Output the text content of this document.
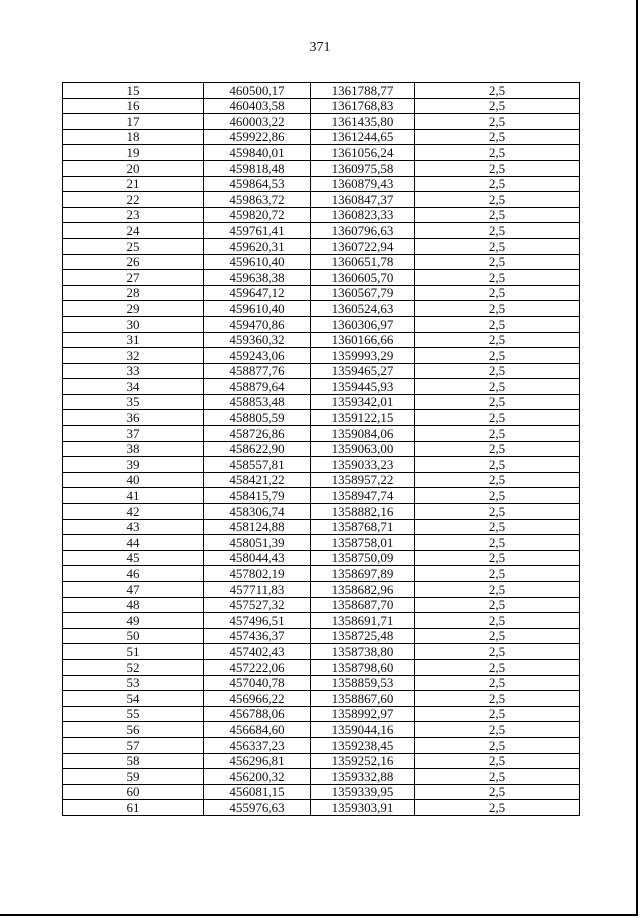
371
15	460500,17	1361788,77	2,5
16	460403,58	1361768,83	2,5
17	460003,22	1361435,80	2,5
18	459922,86	1361244,65	2,5
19	459840,01	1361056,24	2,5
20	459818,48	1360975,58	2,5
21	459864,53	1360879,43	2,5
22	459863,72	1360847,37	2,5
23	459820,72	1360823,33	2,5
24	459761,41	1360796,63	2,5
25	459620,31	1360722,94	2,5
26	459610,40	1360651,78	2,5
27	459638,38	1360605,70	2,5
28	459647,12	1360567,79	2,5
29	459610,40	1360524,63	2,5
30	459470,86	1360306,97	2,5
31	459360,32	1360166,66	2,5
32	459243,06	1359993,29	2,5
33	458877,76	1359465,27	2,5
34	458879,64	1359445,93	2,5
35	458853,48	1359342,01	2,5
36	458805,59	1359122,15	2,5
37	458726,86	1359084,06	2,5
38	458622,90	1359063,00	2,5
39	458557,81	1359033,23	2,5
40	458421,22	1358957,22	2,5
41	458415,79	1358947,74	2,5
42	458306,74	1358882,16	2,5
43	458124,88	1358768,71	2,5
44	458051,39	1358758,01	2,5
45	458044,43	1358750,09	2,5
46	457802,19	1358697,89	2,5
47	457711,83	1358682,96	2,5
48	457527,32	1358687,70	2,5
49	457496,51	1358691,71	2,5
50	457436,37	1358725,48	2,5
51	457402,43	1358738,80	2,5
52	457222,06	1358798,60	2,5
53	457040,78	1358859,53	2,5
54	456966,22	1358867,60	2,5
55	456788,06	1358992,97	2,5
56	456684,60	1359044,16	2,5
57	456337,23	1359238,45	2,5
58	456296,81	1359252,16	2,5
59	456200,32	1359332,88	2,5
60	456081,15	1359339,95	2,5
61	455976,63	1359303,91	2,5
